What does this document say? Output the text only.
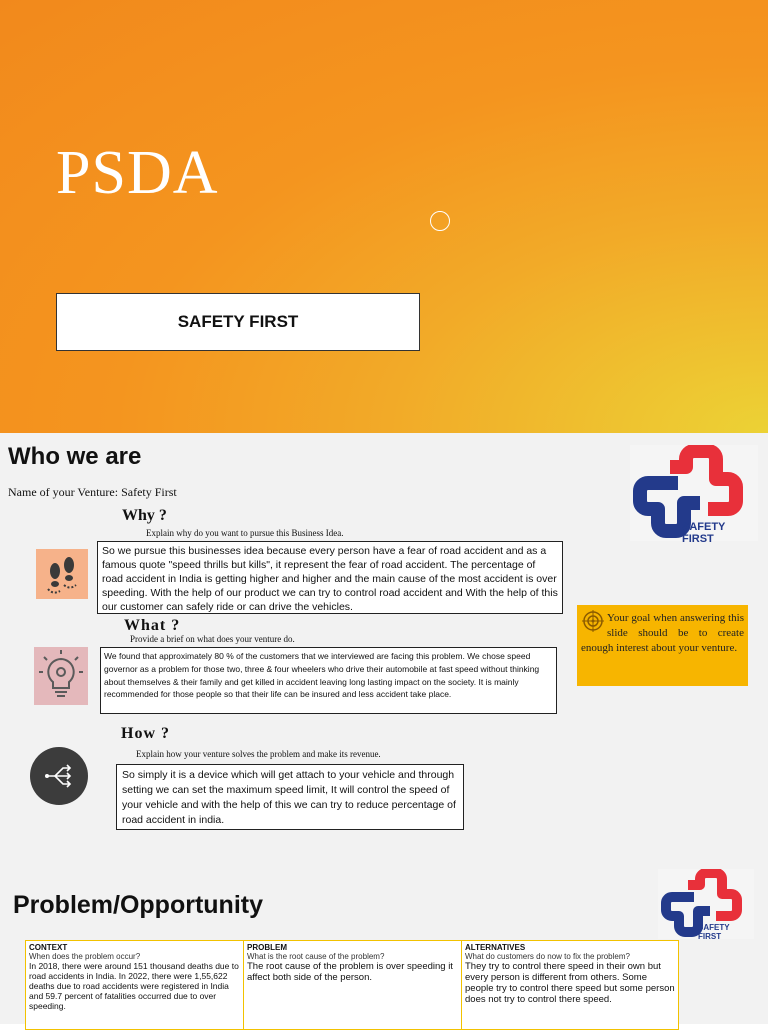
PSDA
SAFETY FIRST
Who we are
Name of your Venture: Safety First
SAFETY FIRST
Why ?
Explain why do you want to pursue this Business Idea.
So we pursue this businesses idea because every person have a fear of road accident and as a famous quote "speed thrills but kills", it represent the fear of road accident. The percentage of road accident in India is getting higher and higher and the main cause of the most accident is over speeding. With the help of our product we can try to control road accident and With the help of this our customer can safely ride or can drive the vehicles.
What ?
Provide a brief on what does your venture do.
We found that approximately 80 % of the customers that we interviewed are facing this problem. We chose speed governor as a problem for those two, three & four wheelers who drive their automobile at fast speed without thinking about themselves & their family and get killed in accident leaving long lasting impact on the society. It is mainly recommended for those people so that their life can be insured and less accident take place.
Your goal when answering this slide should be to create enough interest about your venture.
How ?
Explain how your venture solves the problem and make its revenue.
So simply it is a device which will get attach to your vehicle and through setting we can set the maximum speed limit, It will control the speed of your vehicle and with the help of this we can try to reduce percentage of road accident in india.
Problem/Opportunity
SAFETY FIRST
CONTEXT
When does the problem occur?
In 2018, there were around 151 thousand deaths due to road accidents in India. In 2022, there were 1,55,622 deaths due to road accidents were registered in India and 59.7 percent of fatalities occurred due to over speeding.
PROBLEM
What is the root cause of the problem?
The root cause of the problem is over speeding it affect both side of the person.
ALTERNATIVES
What do customers do now to fix the problem?
They try to control there speed in their own but every person is different from others. Some people try to control there speed but some person does not try to control there speed.
